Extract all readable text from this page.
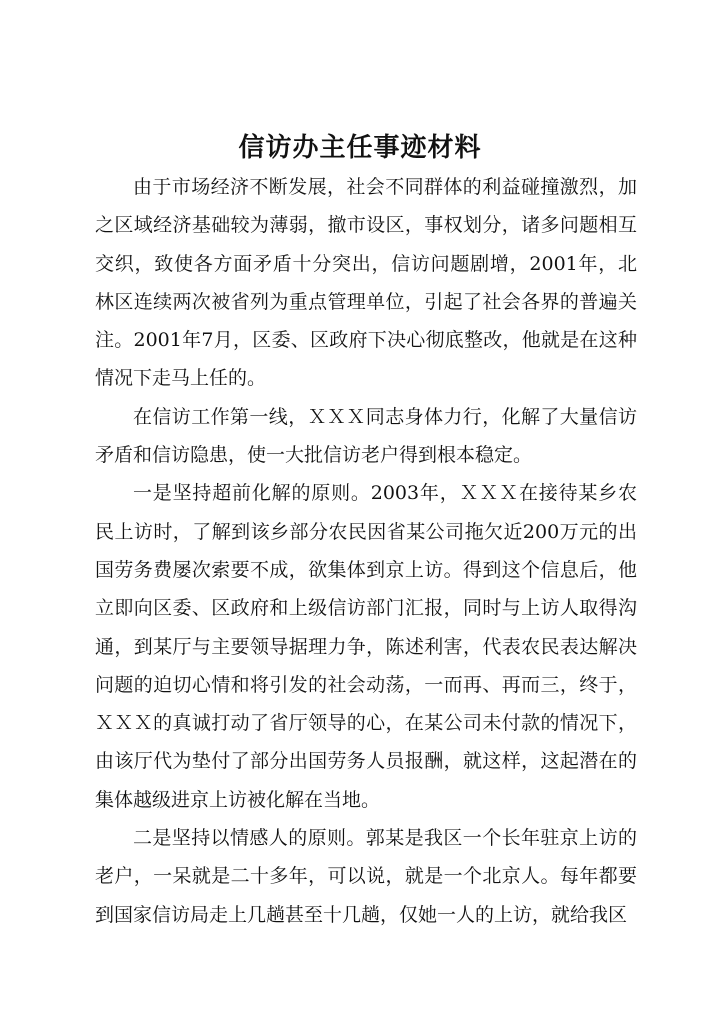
信访办主任事迹材料

由于市场经济不断发展，社会不同群体的利益碰撞激烈，加之区域经济基础较为薄弱，撤市设区，事权划分，诸多问题相互交织，致使各方面矛盾十分突出，信访问题剧增，2001年，北林区连续两次被省列为重点管理单位，引起了社会各界的普遍关注。2001年7月，区委、区政府下决心彻底整改，他就是在这种情况下走马上任的。

在信访工作第一线，ＸＸＸ同志身体力行，化解了大量信访矛盾和信访隐患，使一大批信访老户得到根本稳定。

一是坚持超前化解的原则。2003年，ＸＸＸ在接待某乡农民上访时，了解到该乡部分农民因省某公司拖欠近200万元的出国劳务费屡次索要不成，欲集体到京上访。得到这个信息后，他立即向区委、区政府和上级信访部门汇报，同时与上访人取得沟通，到某厅与主要领导据理力争，陈述利害，代表农民表达解决问题的迫切心情和将引发的社会动荡，一而再、再而三，终于，ＸＸＸ的真诚打动了省厅领导的心，在某公司未付款的情况下，由该厅代为垫付了部分出国劳务人员报酬，就这样，这起潜在的集体越级进京上访被化解在当地。

二是坚持以情感人的原则。郭某是我区一个长年驻京上访的老户，一呆就是二十多年，可以说，就是一个北京人。每年都要到国家信访局走上几趟甚至十几趟，仅她一人的上访，就给我区
